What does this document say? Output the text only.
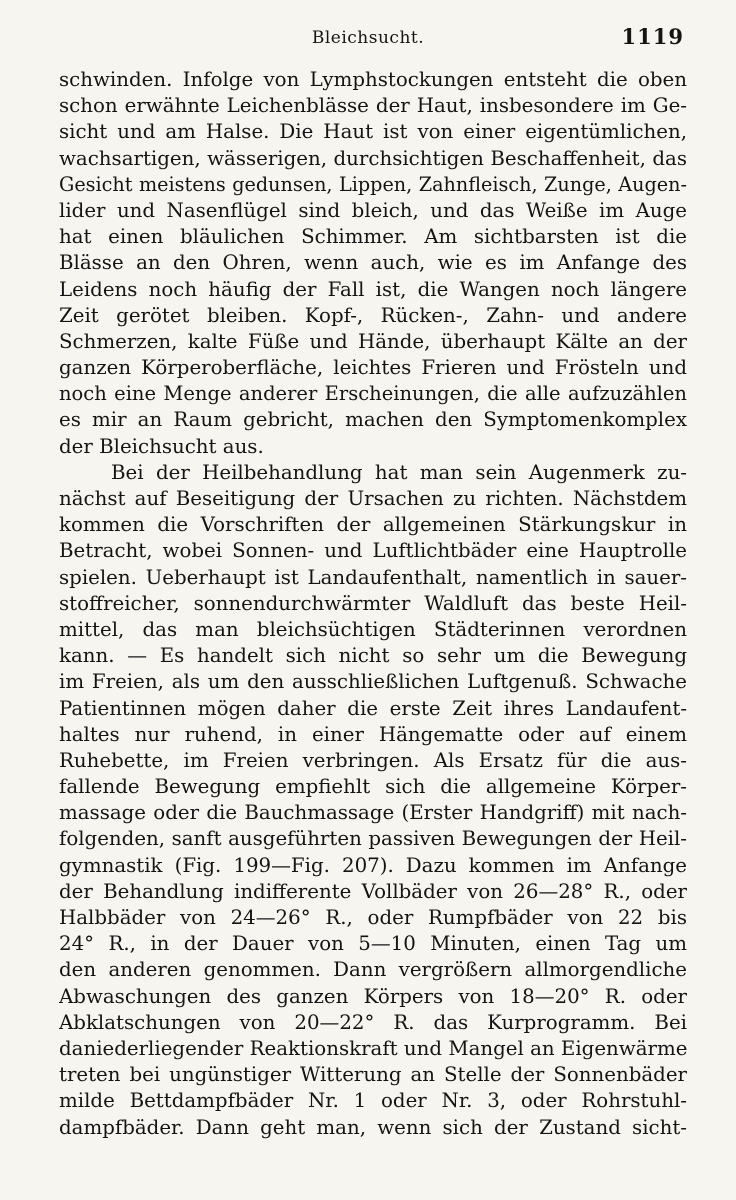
Bleichsucht.	1119
schwinden. Infolge von Lymphstockungen entsteht die oben
schon erwähnte Leichenblässe der Haut, insbesondere im Ge-
sicht und am Halse. Die Haut ist von einer eigentümlichen,
wachsartigen, wässerigen, durchsichtigen Beschaffenheit, das
Gesicht meistens gedunsen, Lippen, Zahnfleisch, Zunge, Augen-
lider und Nasenflügel sind bleich, und das Weiße im Auge
hat einen bläulichen Schimmer. Am sichtbarsten ist die
Blässe an den Ohren, wenn auch, wie es im Anfange des
Leidens noch häufig der Fall ist, die Wangen noch längere
Zeit gerötet bleiben. Kopf-, Rücken-, Zahn- und andere
Schmerzen, kalte Füße und Hände, überhaupt Kälte an der
ganzen Körperoberfläche, leichtes Frieren und Frösteln und
noch eine Menge anderer Erscheinungen, die alle aufzuzählen
es mir an Raum gebricht, machen den Symptomenkomplex
der Bleichsucht aus.
Bei der Heilbehandlung hat man sein Augenmerk zu-
nächst auf Beseitigung der Ursachen zu richten. Nächstdem
kommen die Vorschriften der allgemeinen Stärkungskur in
Betracht, wobei Sonnen- und Luftlichtbäder eine Hauptrolle
spielen. Ueberhaupt ist Landaufenthalt, namentlich in sauer-
stoffreicher, sonnendurchwärmter Waldluft das beste Heil-
mittel, das man bleichsüchtigen Städterinnen verordnen
kann. — Es handelt sich nicht so sehr um die Bewegung
im Freien, als um den ausschließlichen Luftgenuß. Schwache
Patientinnen mögen daher die erste Zeit ihres Landaufent-
haltes nur ruhend, in einer Hängematte oder auf einem
Ruhebette, im Freien verbringen. Als Ersatz für die aus-
fallende Bewegung empfiehlt sich die allgemeine Körper-
massage oder die Bauchmassage (Erster Handgriff) mit nach-
folgenden, sanft ausgeführten passiven Bewegungen der Heil-
gymnastik (Fig. 199—Fig. 207). Dazu kommen im Anfange
der Behandlung indifferente Vollbäder von 26—28° R., oder
Halbbäder von 24—26° R., oder Rumpfbäder von 22 bis
24° R., in der Dauer von 5—10 Minuten, einen Tag um
den anderen genommen. Dann vergrößern allmorgendliche
Abwaschungen des ganzen Körpers von 18—20° R. oder
Abklatschungen von 20—22° R. das Kurprogramm. Bei
daniederliegender Reaktionskraft und Mangel an Eigenwärme
treten bei ungünstiger Witterung an Stelle der Sonnenbäder
milde Bettdampfbäder Nr. 1 oder Nr. 3, oder Rohrstuhl-
dampfbäder. Dann geht man, wenn sich der Zustand sicht-
